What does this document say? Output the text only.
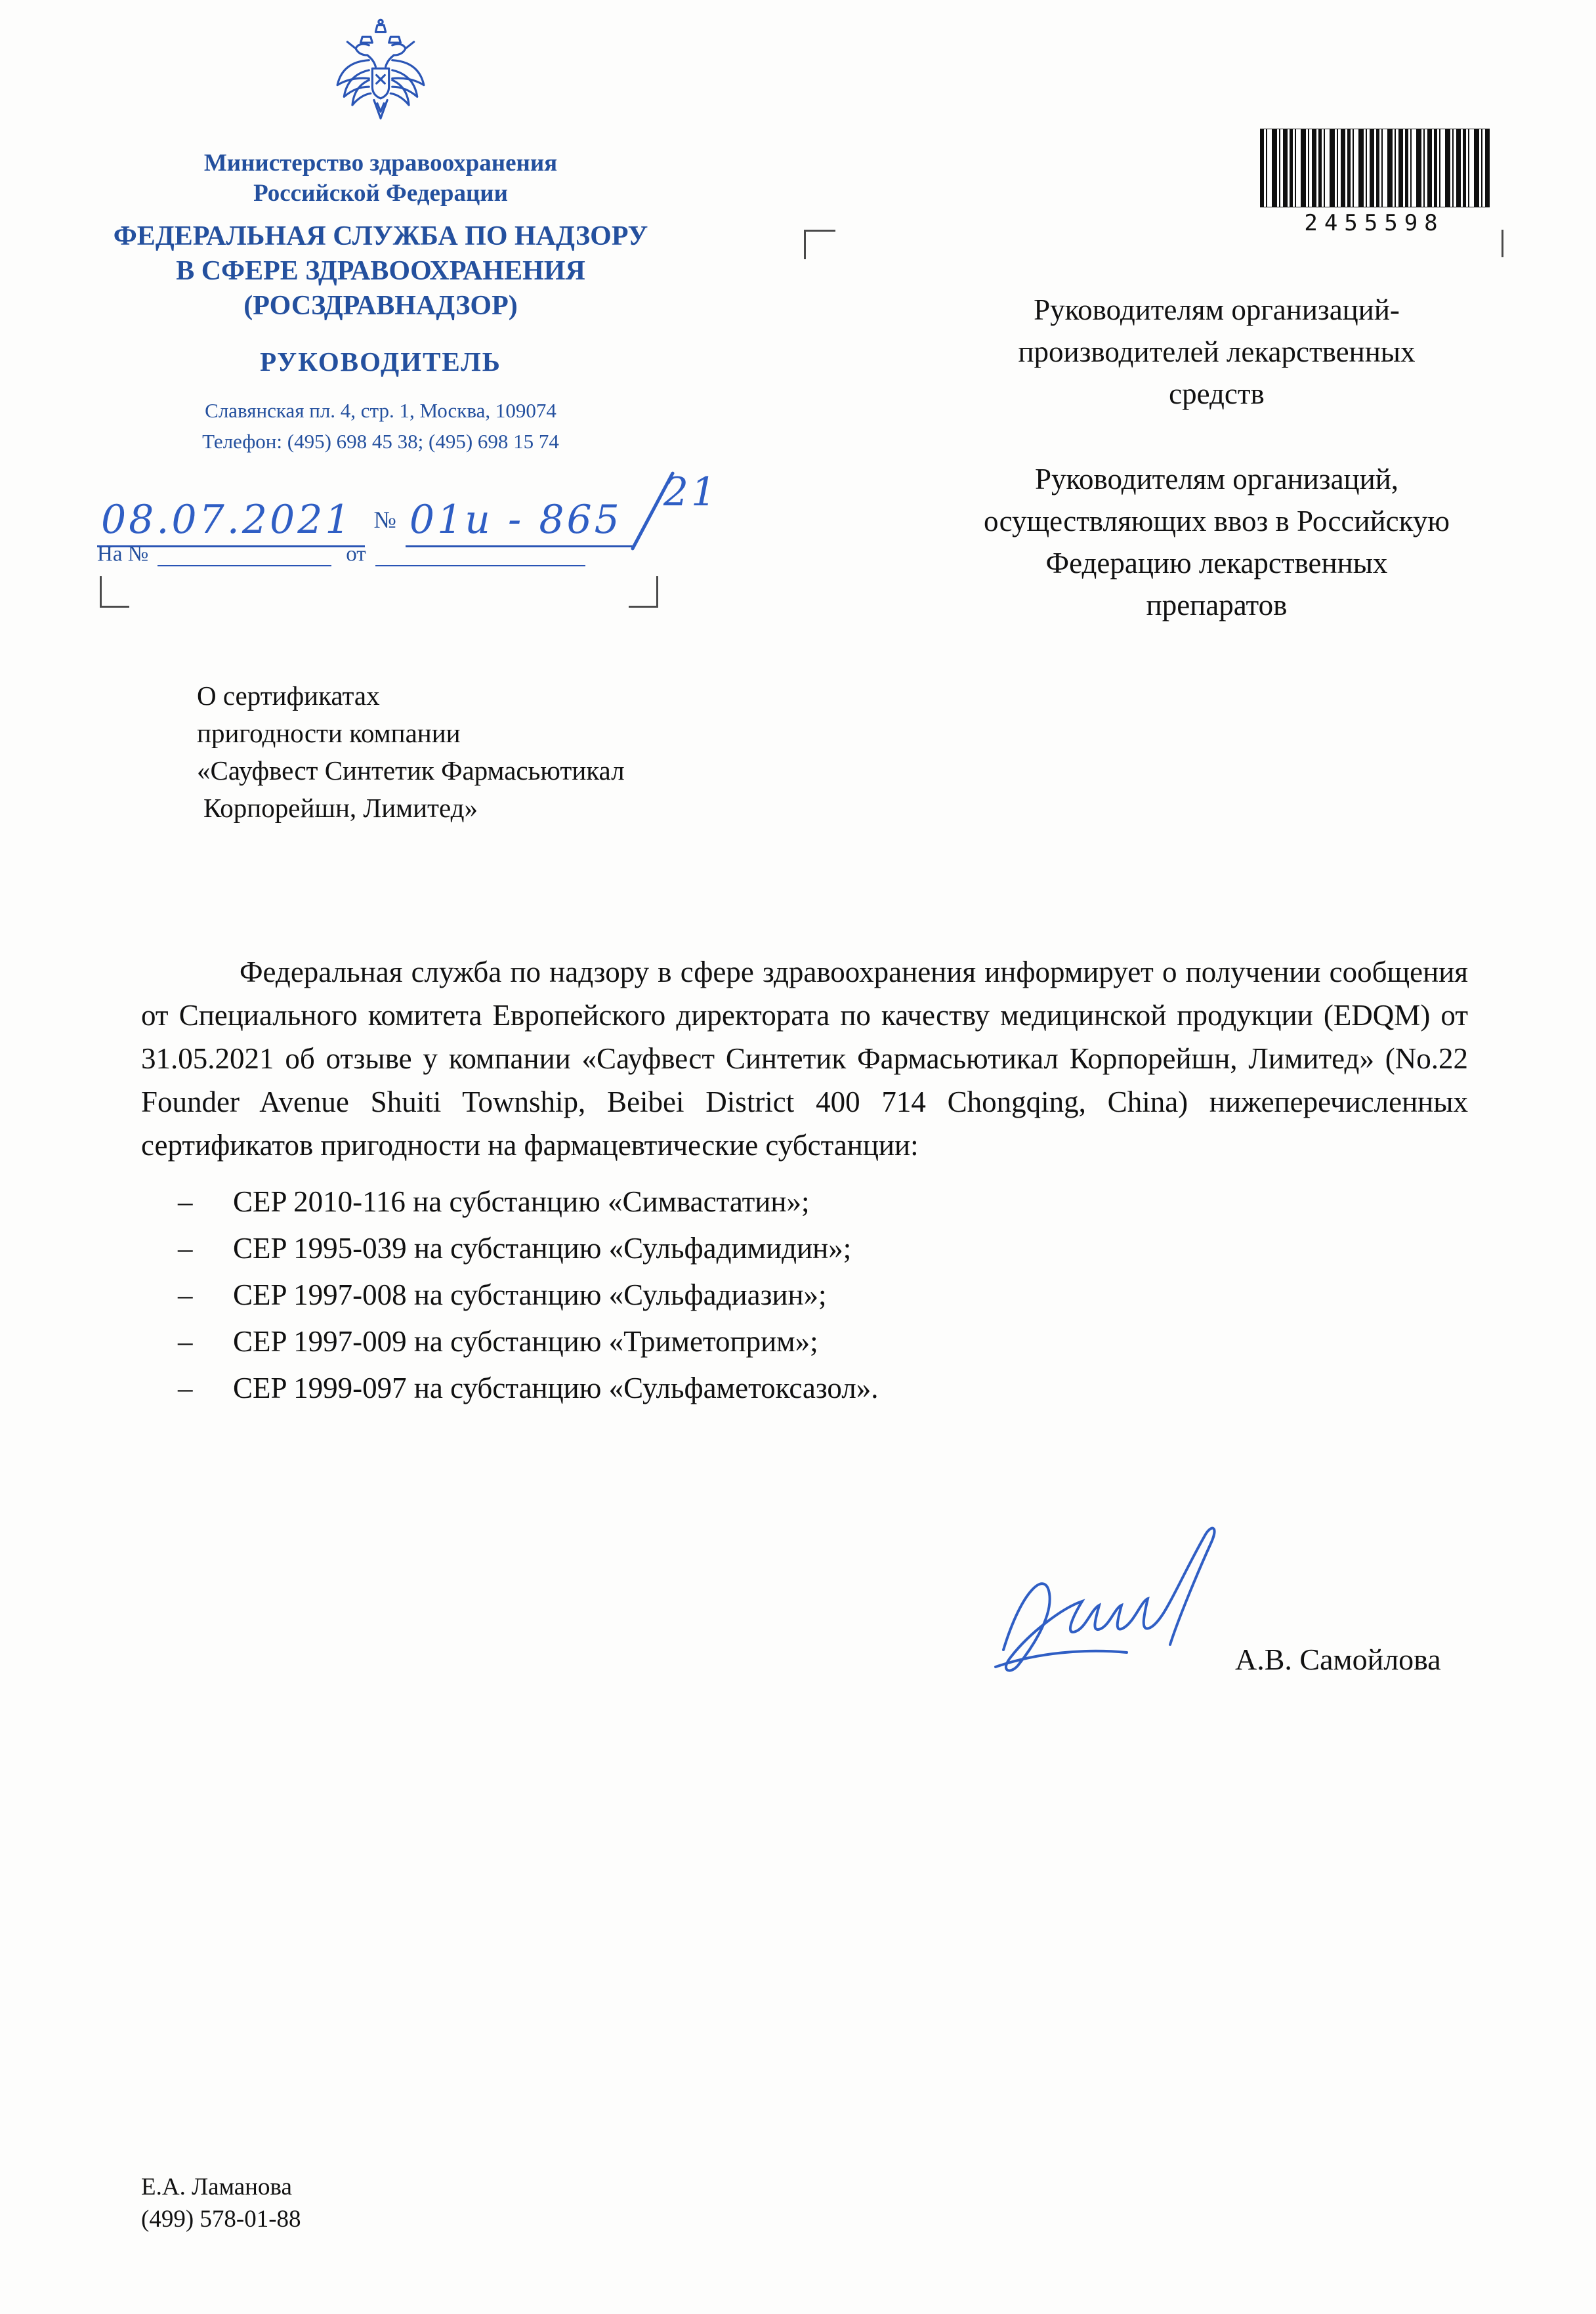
Министерство здравоохранения
Российской Федерации
ФЕДЕРАЛЬНАЯ СЛУЖБА ПО НАДЗОРУ
В СФЕРЕ ЗДРАВООХРАНЕНИЯ
(РОСЗДРАВНАДЗОР)
РУКОВОДИТЕЛЬ
Славянская пл. 4, стр. 1, Москва, 109074
Телефон: (495) 698 45 38; (495) 698 15 74
08.07.2021 № 01и - 86521
На №	от
2455598
Руководителям организаций-
производителей лекарственных
средств
Руководителям организаций,
осуществляющих ввоз в Российскую
Федерацию лекарственных
препаратов
О сертификатах
пригодности компании
«Сауфвест Синтетик Фармасьютикал
Корпорейшн, Лимитед»

Федеральная служба по надзору в сфере здравоохранения информирует о получении сообщения от Специального комитета Европейского директората по качеству медицинской продукции (EDQM) от 31.05.2021 об отзыве у компании «Сауфвест Синтетик Фармасьютикал Корпорейшн, Лимитед» (No.22 Founder Avenue Shuiti Township, Beibei District 400 714 Chongqing, China) нижеперечисленных сертификатов пригодности на фармацевтические субстанции:

– CEP 2010-116 на субстанцию «Симвастатин»;
– CEP 1995-039 на субстанцию «Сульфадимидин»;
– CEP 1997-008 на субстанцию «Сульфадиазин»;
– CEP 1997-009 на субстанцию «Триметоприм»;
– CEP 1999-097 на субстанцию «Сульфаметоксазол».
А.В. Самойлова
Е.А. Ламанова
(499) 578-01-88
